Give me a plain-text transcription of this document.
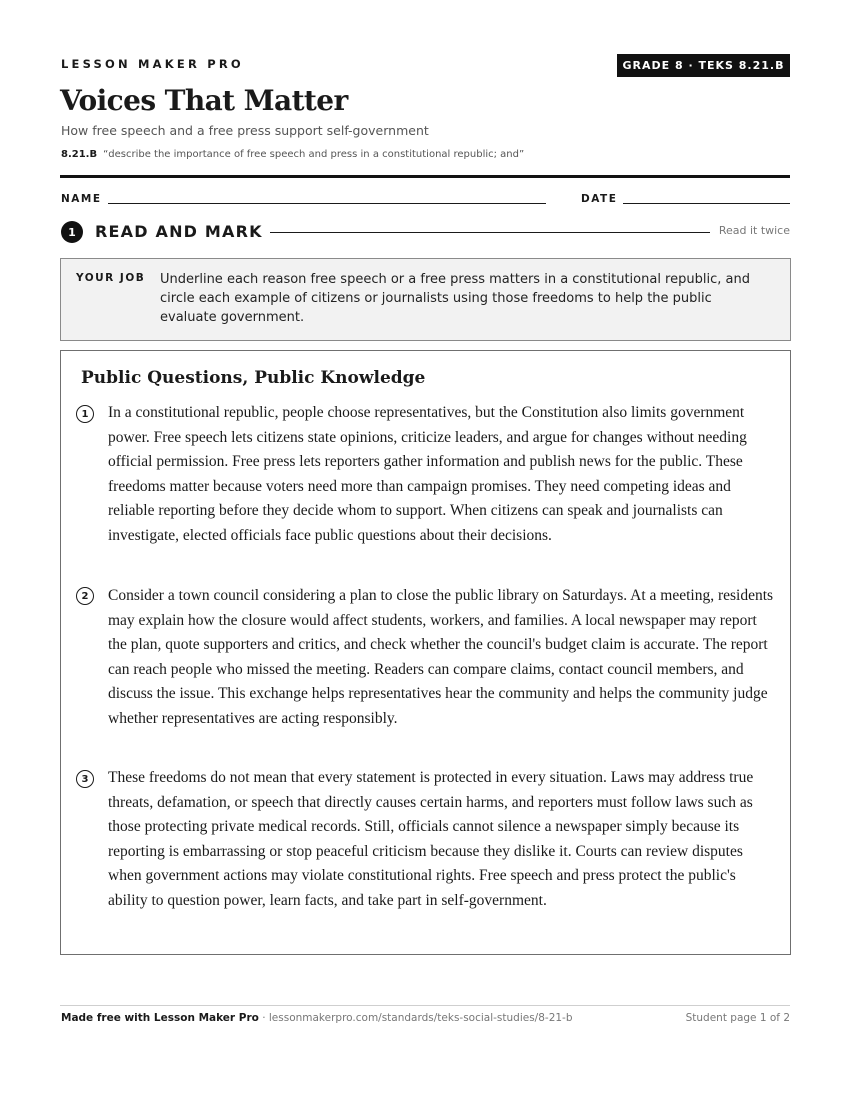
LESSON MAKER PRO	GRADE 8 · TEKS 8.21.B
Voices That Matter
How free speech and a free press support self-government
8.21.B “describe the importance of free speech and press in a constitutional republic; and”
NAME	DATE
1	READ AND MARK	Read it twice
YOUR JOB Underline each reason free speech or a free press matters in a constitutional republic, and circle each example of citizens or journalists using those freedoms to help the public evaluate government.
Public Questions, Public Knowledge
1	In a constitutional republic, people choose representatives, but the Constitution also limits government power. Free speech lets citizens state opinions, criticize leaders, and argue for changes without needing official permission. Free press lets reporters gather information and publish news for the public. These freedoms matter because voters need more than campaign promises. They need competing ideas and reliable reporting before they decide whom to support. When citizens can speak and journalists can investigate, elected officials face public questions about their decisions.

2	Consider a town council considering a plan to close the public library on Saturdays. At a meeting, residents may explain how the closure would affect students, workers, and families. A local newspaper may report the plan, quote supporters and critics, and check whether the council's budget claim is accurate. The report can reach people who missed the meeting. Readers can compare claims, contact council members, and discuss the issue. This exchange helps representatives hear the community and helps the community judge whether representatives are acting responsibly.

3	These freedoms do not mean that every statement is protected in every situation. Laws may address true threats, defamation, or speech that directly causes certain harms, and reporters must follow laws such as those protecting private medical records. Still, officials cannot silence a newspaper simply because its reporting is embarrassing or stop peaceful criticism because they dislike it. Courts can review disputes when government actions may violate constitutional rights. Free speech and press protect the public's ability to question power, learn facts, and take part in self-government.

Made free with Lesson Maker Pro · lessonmakerpro.com/standards/teks-social-studies/8-21-b	Student page 1 of 2
